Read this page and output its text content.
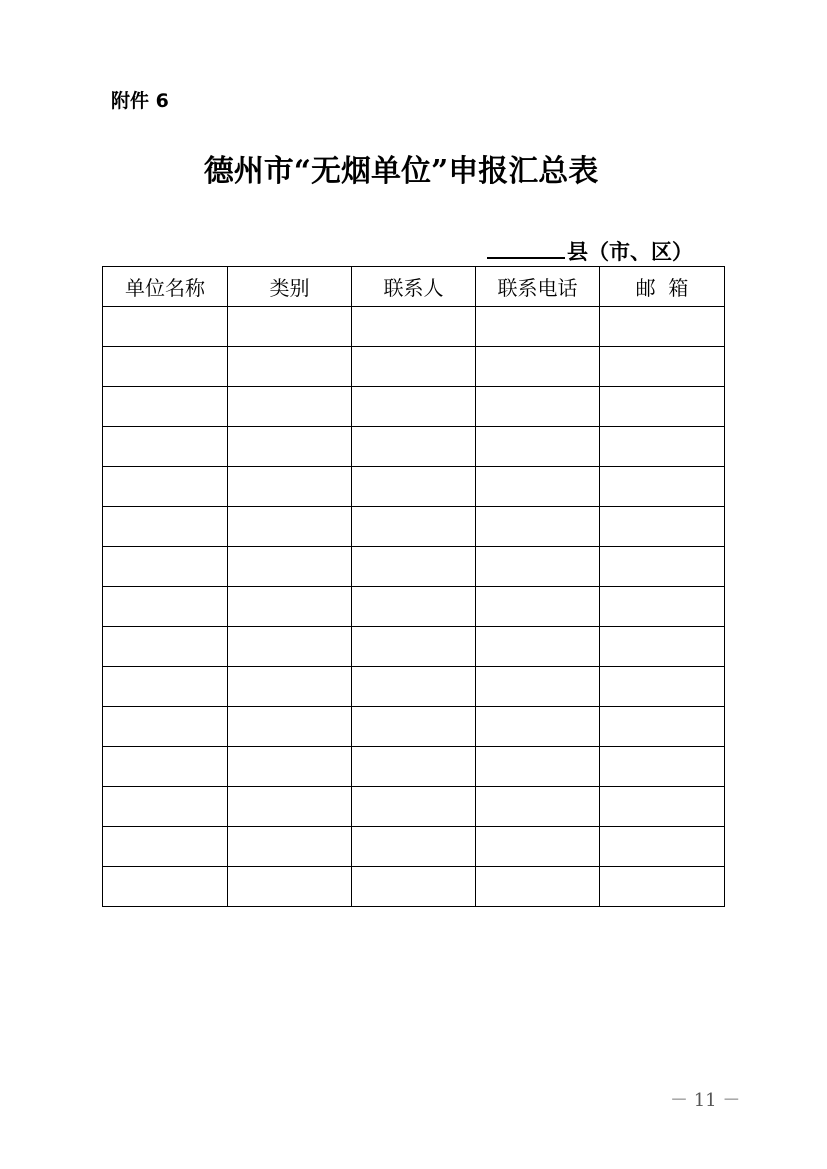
附件 6
德州市“无烟单位”申报汇总表
县（市、区）
单位名称	类别	联系人	联系电话	邮  箱

－ 11 －
